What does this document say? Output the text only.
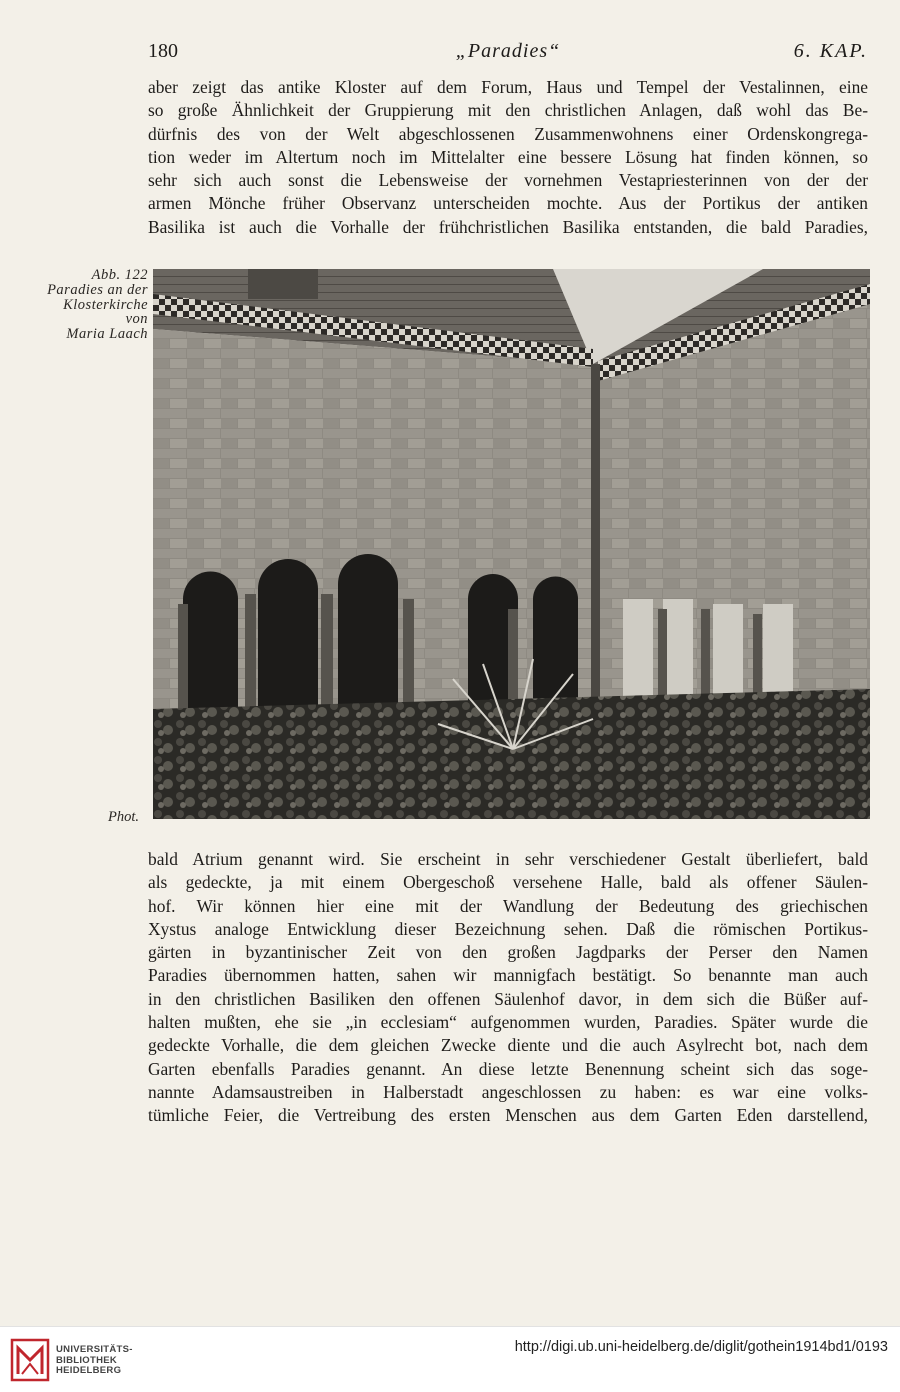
180	„Paradies“	6. KAP.

aber zeigt das antike Kloster auf dem Forum, Haus und Tempel der Vestalinnen, eine
so große Ähnlichkeit der Gruppierung mit den christlichen Anlagen, daß wohl das Be-
dürfnis des von der Welt abgeschlossenen Zusammenwohnens einer Ordenskongrega-
tion weder im Altertum noch im Mittelalter eine bessere Lösung hat finden können, so
sehr sich auch sonst die Lebensweise der vornehmen Vestapriesterinnen von der der
armen Mönche früher Observanz unterscheiden mochte. Aus der Portikus der antiken
Basilika ist auch die Vorhalle der frühchristlichen Basilika entstanden, die bald Paradies,

Abb. 122
Paradies an der
Klosterkirche
von
Maria Laach
Phot.

bald Atrium genannt wird. Sie erscheint in sehr verschiedener Gestalt überliefert, bald
als gedeckte, ja mit einem Obergeschoß versehene Halle, bald als offener Säulen-
hof. Wir können hier eine mit der Wandlung der Bedeutung des griechischen
Xystus analoge Entwicklung dieser Bezeichnung sehen. Daß die römischen Portikus-
gärten in byzantinischer Zeit von den großen Jagdparks der Perser den Namen
Paradies übernommen hatten, sahen wir mannigfach bestätigt. So benannte man auch
in den christlichen Basiliken den offenen Säulenhof davor, in dem sich die Büßer auf-
halten mußten, ehe sie „in ecclesiam“ aufgenommen wurden, Paradies. Später wurde die
gedeckte Vorhalle, die dem gleichen Zwecke diente und die auch Asylrecht bot, nach dem
Garten ebenfalls Paradies genannt. An diese letzte Benennung scheint sich das soge-
nannte Adamsaustreiben in Halberstadt angeschlossen zu haben: es war eine volks-
tümliche Feier, die Vertreibung des ersten Menschen aus dem Garten Eden darstellend,

UNIVERSITÄTS-
BIBLIOTHEK
HEIDELBERG
http://digi.ub.uni-heidelberg.de/diglit/gothein1914bd1/0193
